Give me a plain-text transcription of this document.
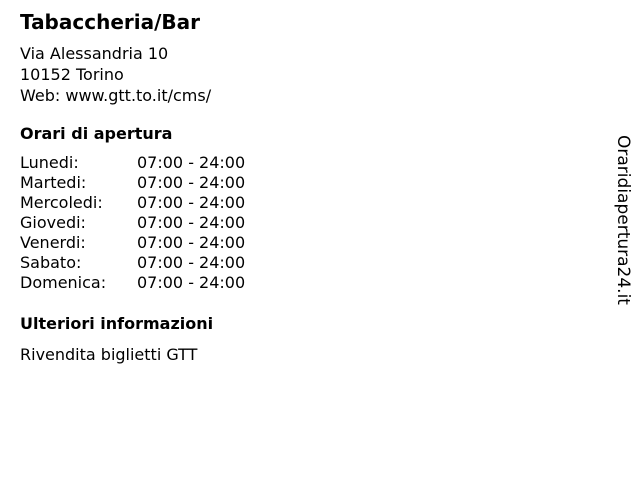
Tabaccheria/Bar
Via Alessandria 10
10152 Torino
Web: www.gtt.to.it/cms/
Orari di apertura
Lunedi:	07:00 - 24:00
Martedi:	07:00 - 24:00
Mercoledi:	07:00 - 24:00
Giovedi:	07:00 - 24:00
Venerdi:	07:00 - 24:00
Sabato:	07:00 - 24:00
Domenica:	07:00 - 24:00
Ulteriori informazioni
Rivendita biglietti GTT
Oraridiapertura24.it
